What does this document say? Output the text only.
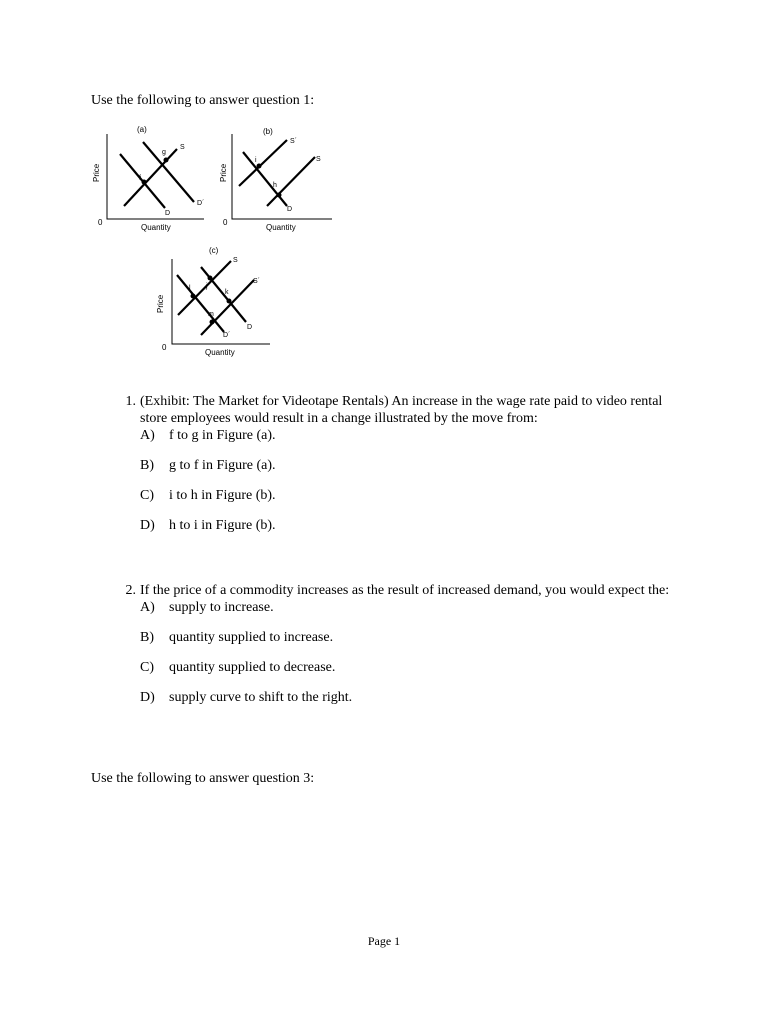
Use the following to answer question 1:
(a)
Price
0
Quantity
f
g
S
D
D´
(b)
Price
0
Quantity
i
h
S´
S
D
(c)
Price
0
Quantity
l j
k
m
S
S´
D
D´
1. (Exhibit: The Market for Videotape Rentals) An increase in the wage rate paid to video rental store employees would result in a change illustrated by the move from:
A) f to g in Figure (a).
B) g to f in Figure (a).
C) i to h in Figure (b).
D) h to i in Figure (b).
2. If the price of a commodity increases as the result of increased demand, you would expect the:
A) supply to increase.
B) quantity supplied to increase.
C) quantity supplied to decrease.
D) supply curve to shift to the right.
Use the following to answer question 3:
Page 1
